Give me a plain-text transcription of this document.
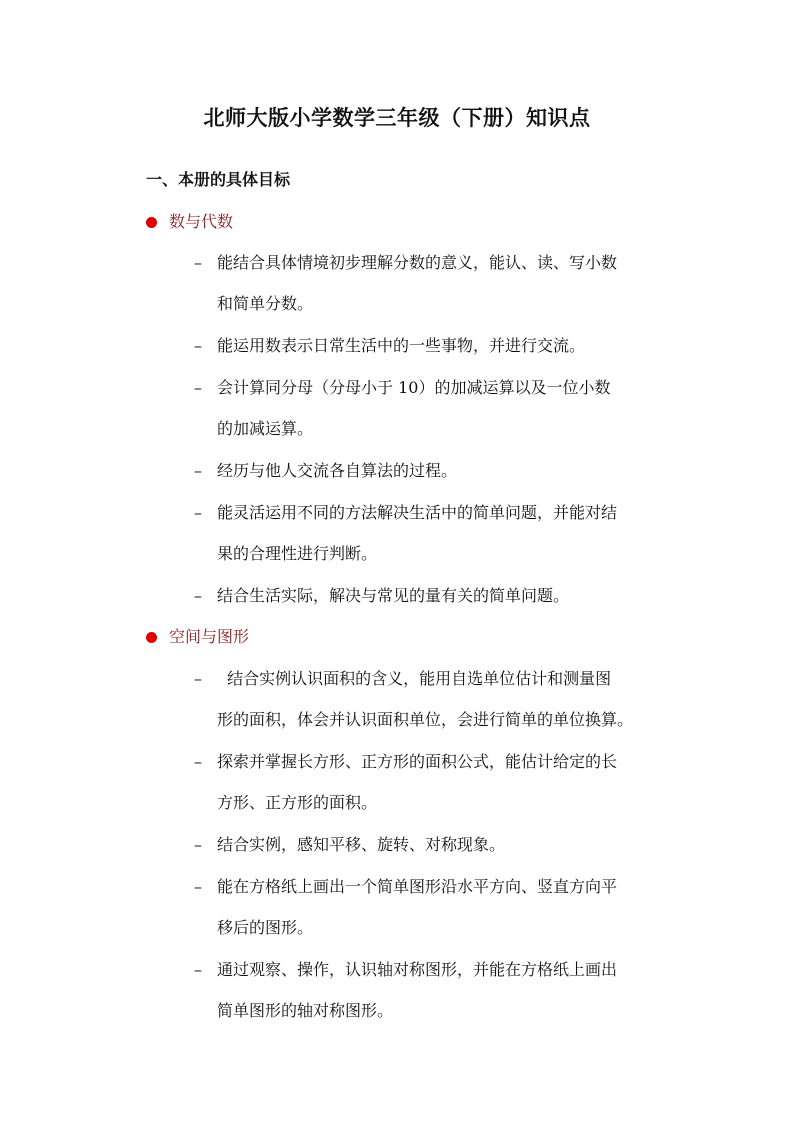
北师大版小学数学三年级（下册）知识点
一、本册的具体目标
数与代数
– 能结合具体情境初步理解分数的意义，能认、读、写小数
和简单分数。
– 能运用数表示日常生活中的一些事物，并进行交流。
– 会计算同分母（分母小于 10）的加减运算以及一位小数
的加减运算。
– 经历与他人交流各自算法的过程。
– 能灵活运用不同的方法解决生活中的简单问题，并能对结
果的合理性进行判断。
– 结合生活实际，解决与常见的量有关的简单问题。
空间与图形
– 结合实例认识面积的含义，能用自选单位估计和测量图
形的面积，体会并认识面积单位，会进行简单的单位换算。
– 探索并掌握长方形、正方形的面积公式，能估计给定的长
方形、正方形的面积。
– 结合实例，感知平移、旋转、对称现象。
– 能在方格纸上画出一个简单图形沿水平方向、竖直方向平
移后的图形。
– 通过观察、操作，认识轴对称图形，并能在方格纸上画出
简单图形的轴对称图形。
